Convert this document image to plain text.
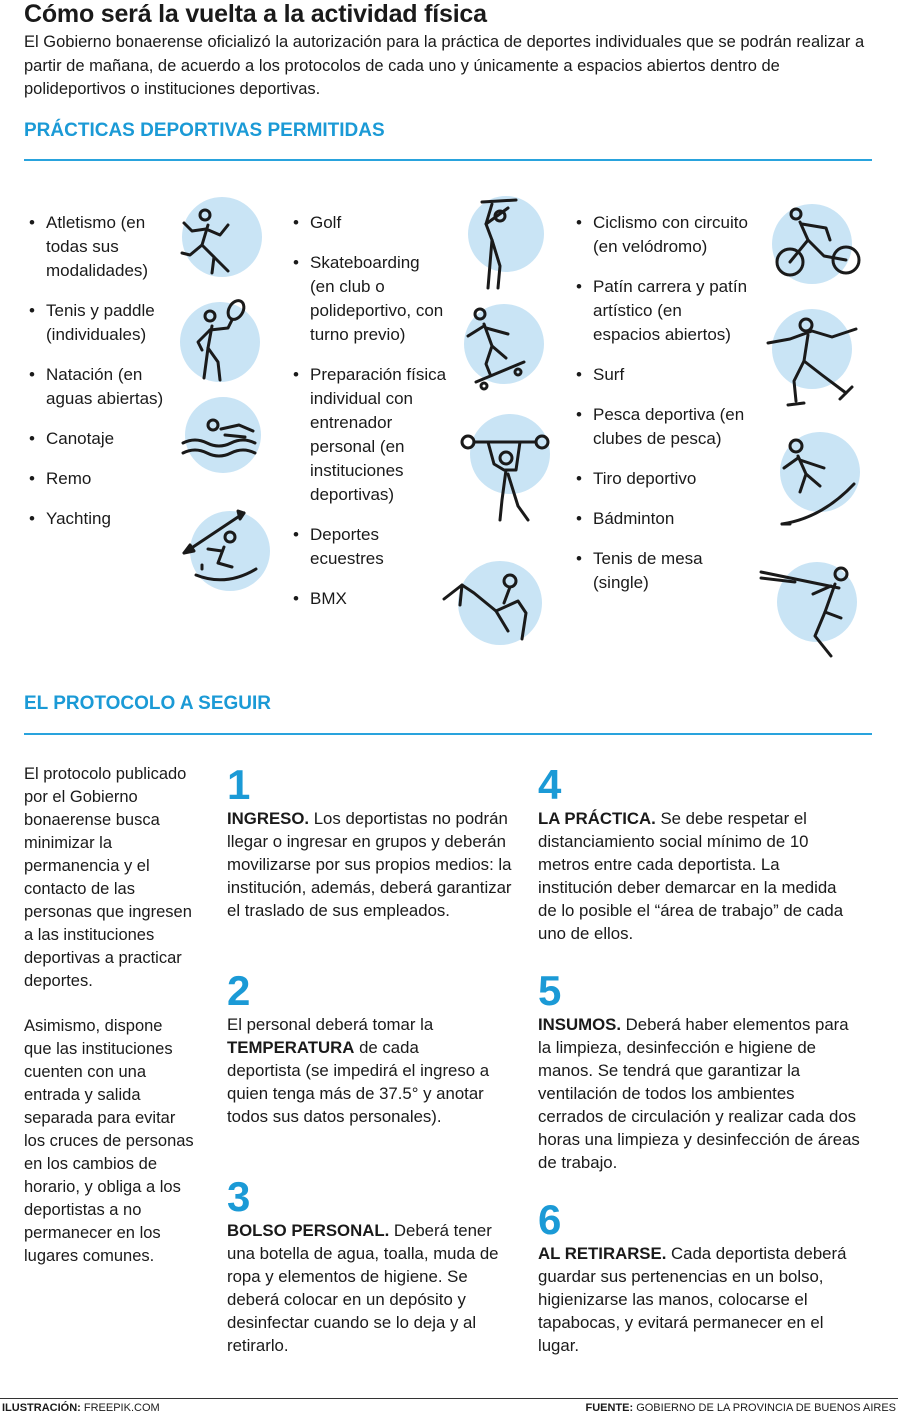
Cómo será la vuelta a la actividad física
El Gobierno bonaerense oficializó la autorización para la práctica de deportes individuales que se podrán realizar a partir de mañana, de acuerdo a los protocolos de cada uno y únicamente a espacios abiertos dentro de polideportivos o instituciones deportivas.
PRÁCTICAS DEPORTIVAS PERMITIDAS
• Atletismo (en todas sus modalidades)
• Tenis y paddle (individuales)
• Natación (en aguas abiertas)
• Canotaje
• Remo
• Yachting
• Golf
• Skateboarding (en club o polideportivo, con turno previo)
• Preparación física individual con entrenador personal (en instituciones deportivas)
• Deportes ecuestres
• BMX
• Ciclismo con circuito (en velódromo)
• Patín carrera y patín artístico (en espacios abiertos)
• Surf
• Pesca deportiva (en clubes de pesca)
• Tiro deportivo
• Bádminton
• Tenis de mesa (single)
EL PROTOCOLO A SEGUIR

El protocolo publicado por el Gobierno bonaerense busca minimizar la permanencia y el contacto de las personas que ingresen a las instituciones deportivas a practicar deportes.

Asimismo, dispone que las instituciones cuenten con una entrada y salida separada para evitar los cruces de personas en los cambios de horario, y obliga a los deportistas a no permanecer en los lugares comunes.

1
INGRESO. Los deportistas no podrán llegar o ingresar en grupos y deberán movilizarse por sus propios medios: la institución, además, deberá garantizar el traslado de sus empleados.
2
El personal deberá tomar la TEMPERATURA de cada deportista (se impedirá el ingreso a quien tenga más de 37.5° y anotar todos sus datos personales).
3
BOLSO PERSONAL. Deberá tener una botella de agua, toalla, muda de ropa y elementos de higiene. Se deberá colocar en un depósito y desinfectar cuando se lo deja y al retirarlo.
4
LA PRÁCTICA. Se debe respetar el distanciamiento social mínimo de 10 metros entre cada deportista. La institución deber demarcar en la medida de lo posible el “área de trabajo” de cada uno de ellos.
5
INSUMOS. Deberá haber elementos para la limpieza, desinfección e higiene de manos. Se tendrá que garantizar la ventilación de todos los ambientes cerrados de circulación y realizar cada dos horas una limpieza y desinfección de áreas de trabajo.
6
AL RETIRARSE. Cada deportista deberá guardar sus pertenencias en un bolso, higienizarse las manos, colocarse el tapabocas, y evitará permanecer en el lugar.
ILUSTRACIÓN: FREEPIK.COM	FUENTE: GOBIERNO DE LA PROVINCIA DE BUENOS AIRES
